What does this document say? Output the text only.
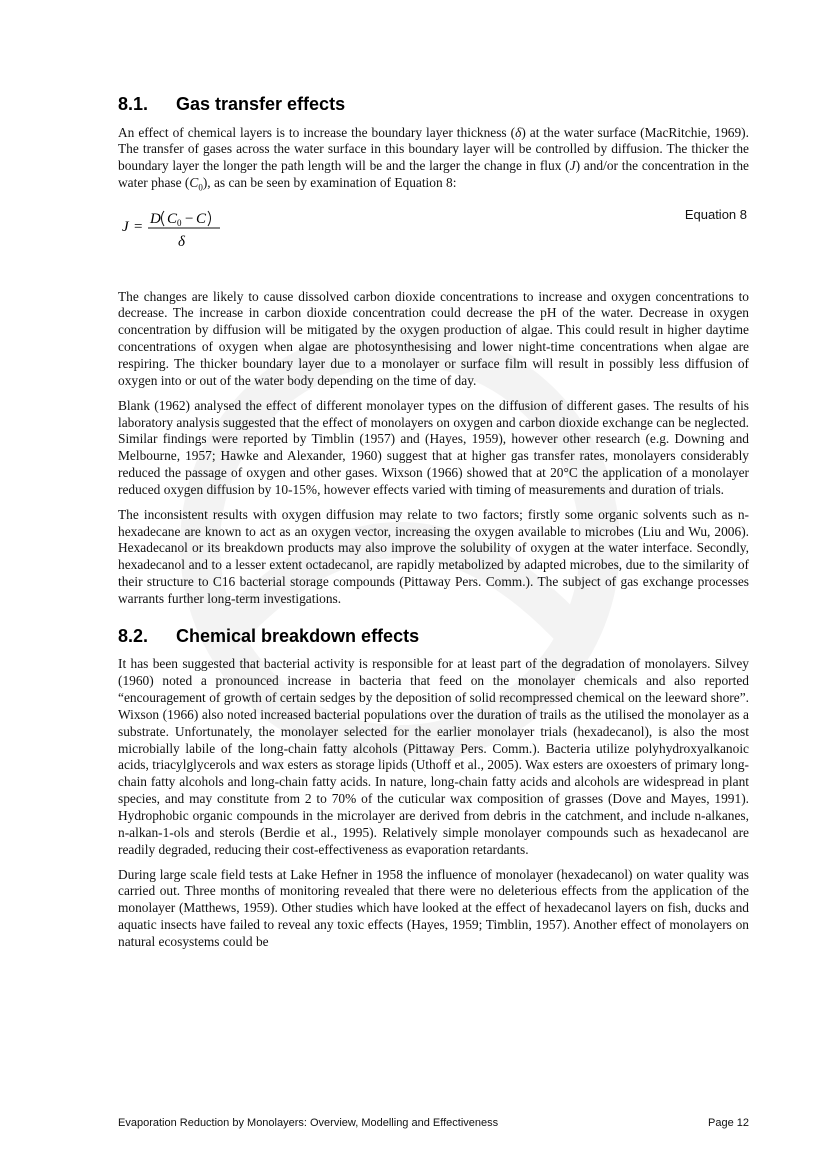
8.1. Gas transfer effects

An effect of chemical layers is to increase the boundary layer thickness (δ) at the water surface (MacRitchie, 1969). The transfer of gases across the water surface in this boundary layer will be controlled by diffusion. The thicker the boundary layer the longer the path length will be and the larger the change in flux (J) and/or the concentration in the water phase $(C_0)$, as can be seen by examination of Equation 8:

J = D C 0 − C
δ
Equation 8

The changes are likely to cause dissolved carbon dioxide concentrations to increase and oxygen concentrations to decrease. The increase in carbon dioxide concentration could decrease the pH of the water. Decrease in oxygen concentration by diffusion will be mitigated by the oxygen production of algae. This could result in higher daytime concentrations of oxygen when algae are photosynthesising and lower night-time concentrations when algae are respiring. The thicker boundary layer due to a monolayer or surface film will result in possibly less diffusion of oxygen into or out of the water body depending on the time of day.

Blank (1962) analysed the effect of different monolayer types on the diffusion of different gases. The results of his laboratory analysis suggested that the effect of monolayers on oxygen and carbon dioxide exchange can be neglected. Similar findings were reported by Timblin (1957) and (Hayes, 1959), however other research (e.g. Downing and Melbourne, 1957; Hawke and Alexander, 1960) suggest that at higher gas transfer rates, monolayers considerably reduced the passage of oxygen and other gases. Wixson (1966) showed that at 20°C the application of a monolayer reduced oxygen diffusion by 10-15%, however effects varied with timing of measurements and duration of trials.

The inconsistent results with oxygen diffusion may relate to two factors; firstly some organic solvents such as n-hexadecane are known to act as an oxygen vector, increasing the oxygen available to microbes (Liu and Wu, 2006). Hexadecanol or its breakdown products may also improve the solubility of oxygen at the water interface. Secondly, hexadecanol and to a lesser extent octadecanol, are rapidly metabolized by adapted microbes, due to the similarity of their structure to C16 bacterial storage compounds (Pittaway Pers. Comm.). The subject of gas exchange processes warrants further long-term investigations.

8.2. Chemical breakdown effects

It has been suggested that bacterial activity is responsible for at least part of the degradation of monolayers. Silvey (1960) noted a pronounced increase in bacteria that feed on the monolayer chemicals and also reported “encouragement of growth of certain sedges by the deposition of solid recompressed chemical on the leeward shore”. Wixson (1966) also noted increased bacterial populations over the duration of trails as the utilised the monolayer as a substrate. Unfortunately, the monolayer selected for the earlier monolayer trials (hexadecanol), is also the most microbially labile of the long-chain fatty alcohols (Pittaway Pers. Comm.). Bacteria utilize polyhydroxyalkanoic acids, triacylglycerols and wax esters as storage lipids (Uthoff et al., 2005). Wax esters are oxoesters of primary long-chain fatty alcohols and long-chain fatty acids. In nature, long-chain fatty acids and alcohols are widespread in plant species, and may constitute from 2 to 70% of the cuticular wax composition of grasses (Dove and Mayes, 1991). Hydrophobic organic compounds in the microlayer are derived from debris in the catchment, and include n-alkanes, n-alkan-1-ols and sterols (Berdie et al., 1995). Relatively simple monolayer compounds such as hexadecanol are readily degraded, reducing their cost-effectiveness as evaporation retardants.

During large scale field tests at Lake Hefner in 1958 the influence of monolayer (hexadecanol) on water quality was carried out. Three months of monitoring revealed that there were no deleterious effects from the application of the monolayer (Matthews, 1959). Other studies which have looked at the effect of hexadecanol layers on fish, ducks and aquatic insects have failed to reveal any toxic effects (Hayes, 1959; Timblin, 1957). Another effect of monolayers on natural ecosystems could be

Evaporation Reduction by Monolayers: Overview, Modelling and Effectiveness	Page 12
